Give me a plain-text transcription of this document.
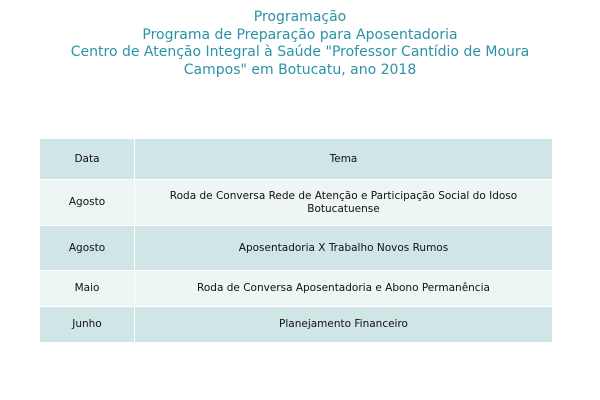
Programação
Programa de Preparação para Aposentadoria
Centro de Atenção Integral à Saúde "Professor Cantídio de Moura
Campos" em Botucatu, ano 2018
Data	Tema
Agosto	Roda de Conversa Rede de Atenção e Participação Social do Idoso Botucatuense
Agosto	Aposentadoria X Trabalho Novos Rumos
Maio	Roda de Conversa Aposentadoria e Abono Permanência
Junho	Planejamento Financeiro
